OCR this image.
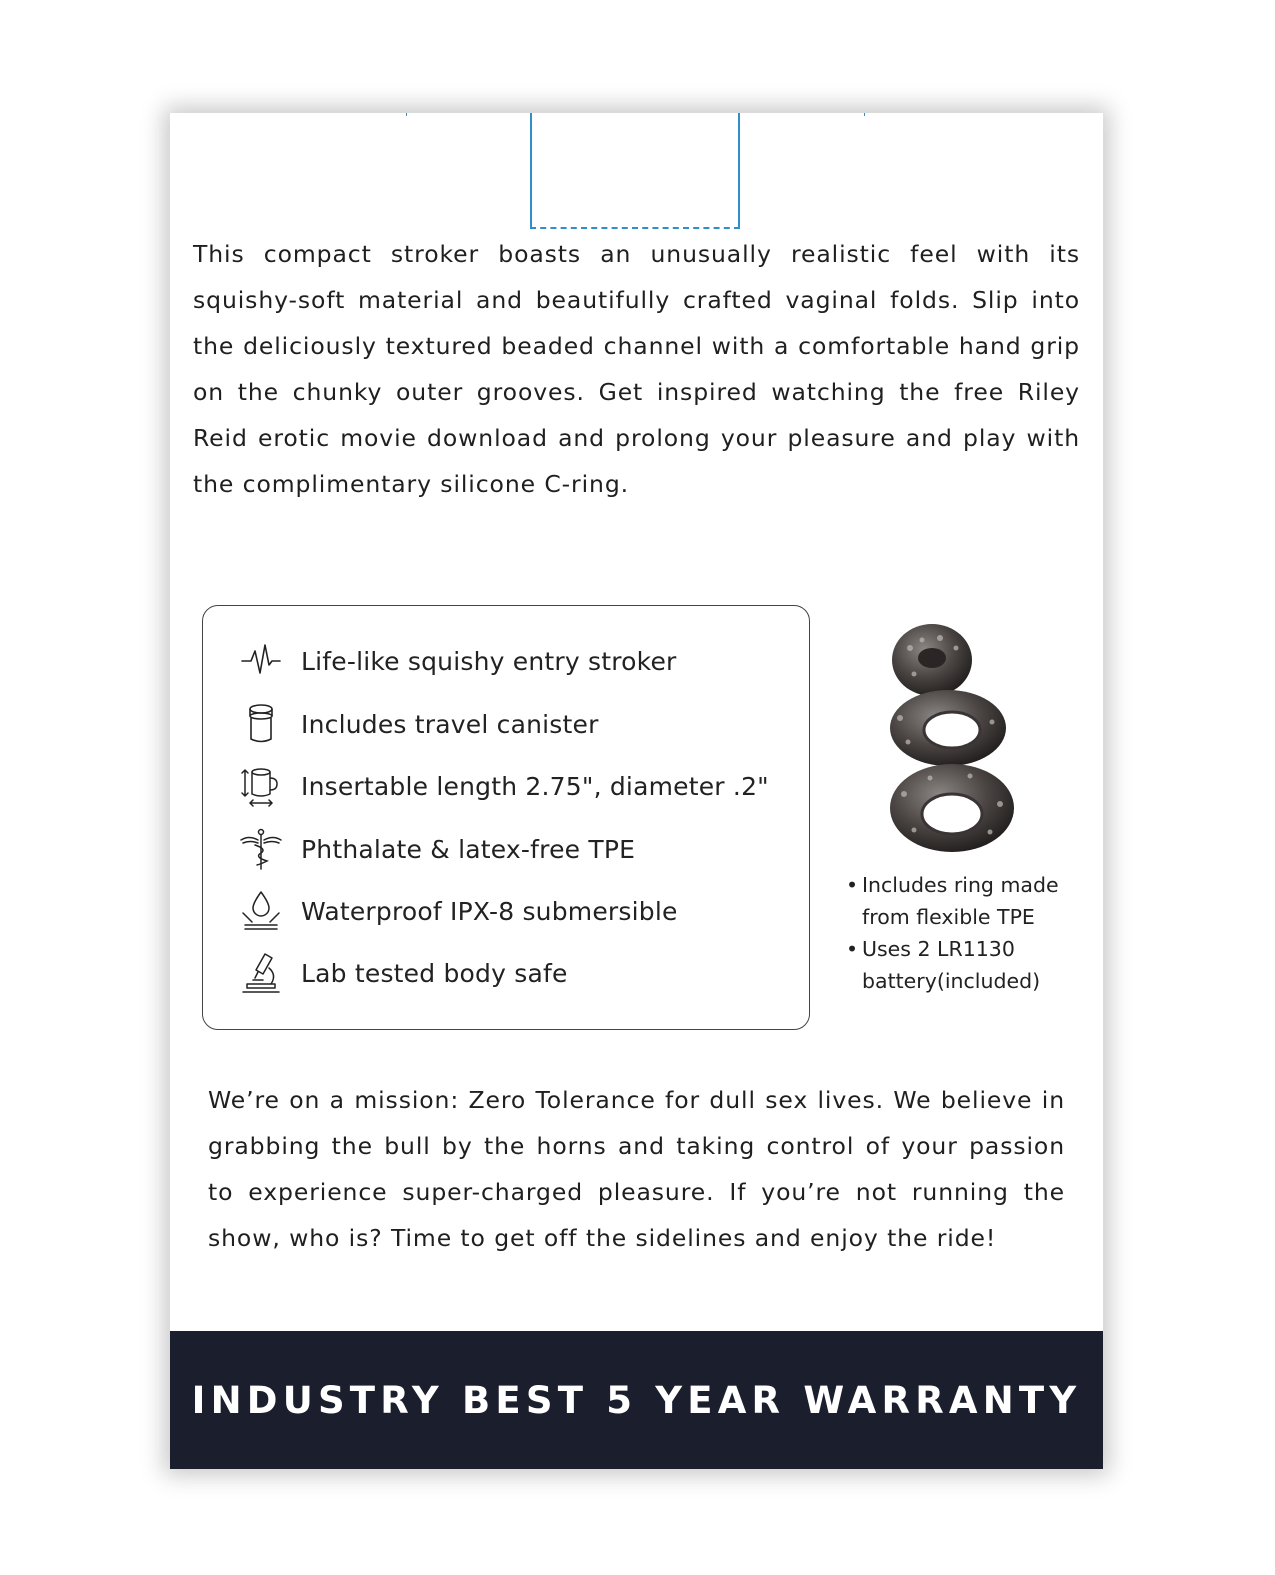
This compact stroker boasts an unusually realistic feel with its squishy-soft material and beautifully crafted vaginal folds. Slip into the deliciously textured beaded channel with a comfortable hand grip on the chunky outer grooves. Get inspired watching the free Riley Reid erotic movie download and prolong your pleasure and play with the complimentary silicone C-ring.

Life-like squishy entry stroker
Includes travel canister
Insertable length 2.75", diameter .2"
Phthalate & latex-free TPE
Waterproof IPX-8 submersible
Lab tested body safe
• Includes ring made from flexible TPE
• Uses 2 LR1130 battery(included)

We’re on a mission: Zero Tolerance for dull sex lives. We believe in grabbing the bull by the horns and taking control of your passion to experience super-charged pleasure. If you’re not running the show, who is? Time to get off the sidelines and enjoy the ride!

INDUSTRY BEST 5 YEAR WARRANTY
